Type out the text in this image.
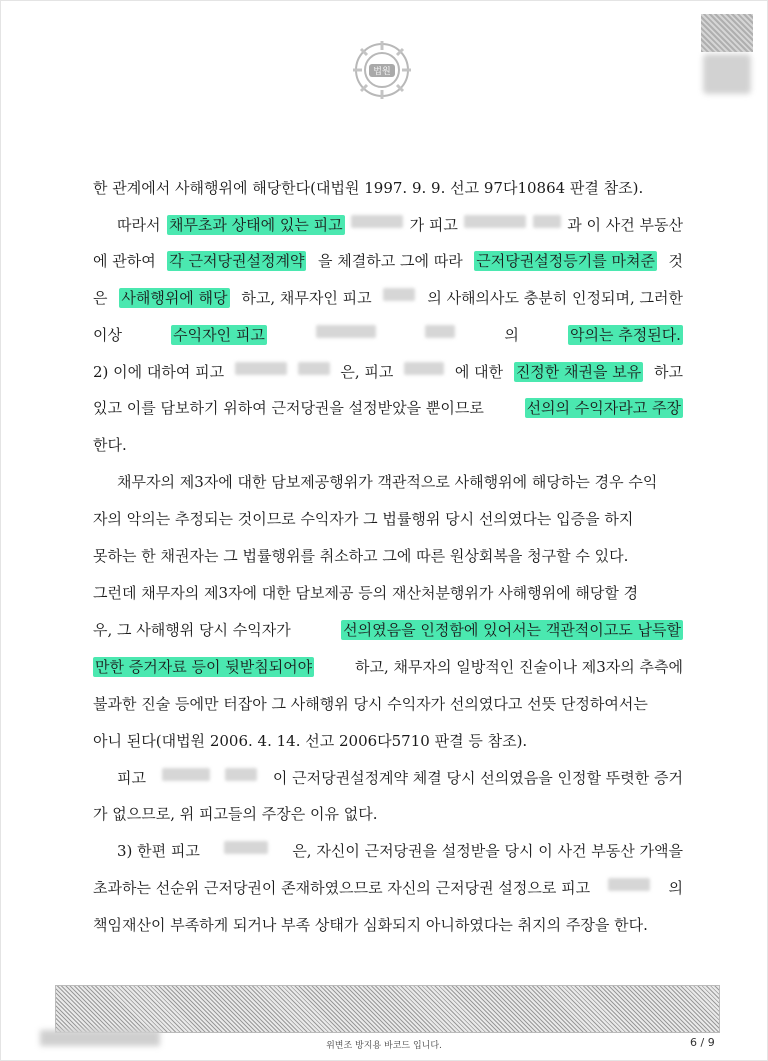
법원
한 관계에서 사해행위에 해당한다(대법원 1997. 9. 9. 선고 97다10864 판결 참조).
따라서 채무초과 상태에 있는 피고	가 피고	과 이 사건 부동산
에 관하여 각 근저당권설정계약 을 체결하고 그에 따라 근저당권설정등기를 마쳐준 것
은 사해행위에 해당 하고, 채무자인 피고	의 사해의사도 충분히 인정되며, 그러한
이상	수익자인 피고	의	악의는 추정된다.
2) 이에 대하여 피고	은, 피고	에 대한 진정한 채권을 보유 하고
있고 이를 담보하기 위하여 근저당권을 설정받았을 뿐이므로	선의의 수익자라고 주장
한다.
채무자의 제3자에 대한 담보제공행위가 객관적으로 사해행위에 해당하는 경우 수익
자의 악의는 추정되는 것이므로 수익자가 그 법률행위 당시 선의였다는 입증을 하지
못하는 한 채권자는 그 법률행위를 취소하고 그에 따른 원상회복을 청구할 수 있다.
그런데 채무자의 제3자에 대한 담보제공 등의 재산처분행위가 사해행위에 해당할 경
우, 그 사해행위 당시 수익자가	선의였음을 인정함에 있어서는 객관적이고도 납득할
만한 증거자료 등이 뒷받침되어야	하고, 채무자의 일방적인 진술이나 제3자의 추측에
불과한 진술 등에만 터잡아 그 사해행위 당시 수익자가 선의였다고 선뜻 단정하여서는
아니 된다(대법원 2006. 4. 14. 선고 2006다5710 판결 등 참조).
피고	이 근저당권설정계약 체결 당시 선의였음을 인정할 뚜렷한 증거
가 없으므로, 위 피고들의 주장은 이유 없다.
3) 한편 피고	은, 자신이 근저당권을 설정받을 당시 이 사건 부동산 가액을
초과하는 선순위 근저당권이 존재하였으므로 자신의 근저당권 설정으로 피고	의
책임재산이 부족하게 되거나 부족 상태가 심화되지 아니하였다는 취지의 주장을 한다.
위변조 방지용 바코드 입니다.	6 / 9
